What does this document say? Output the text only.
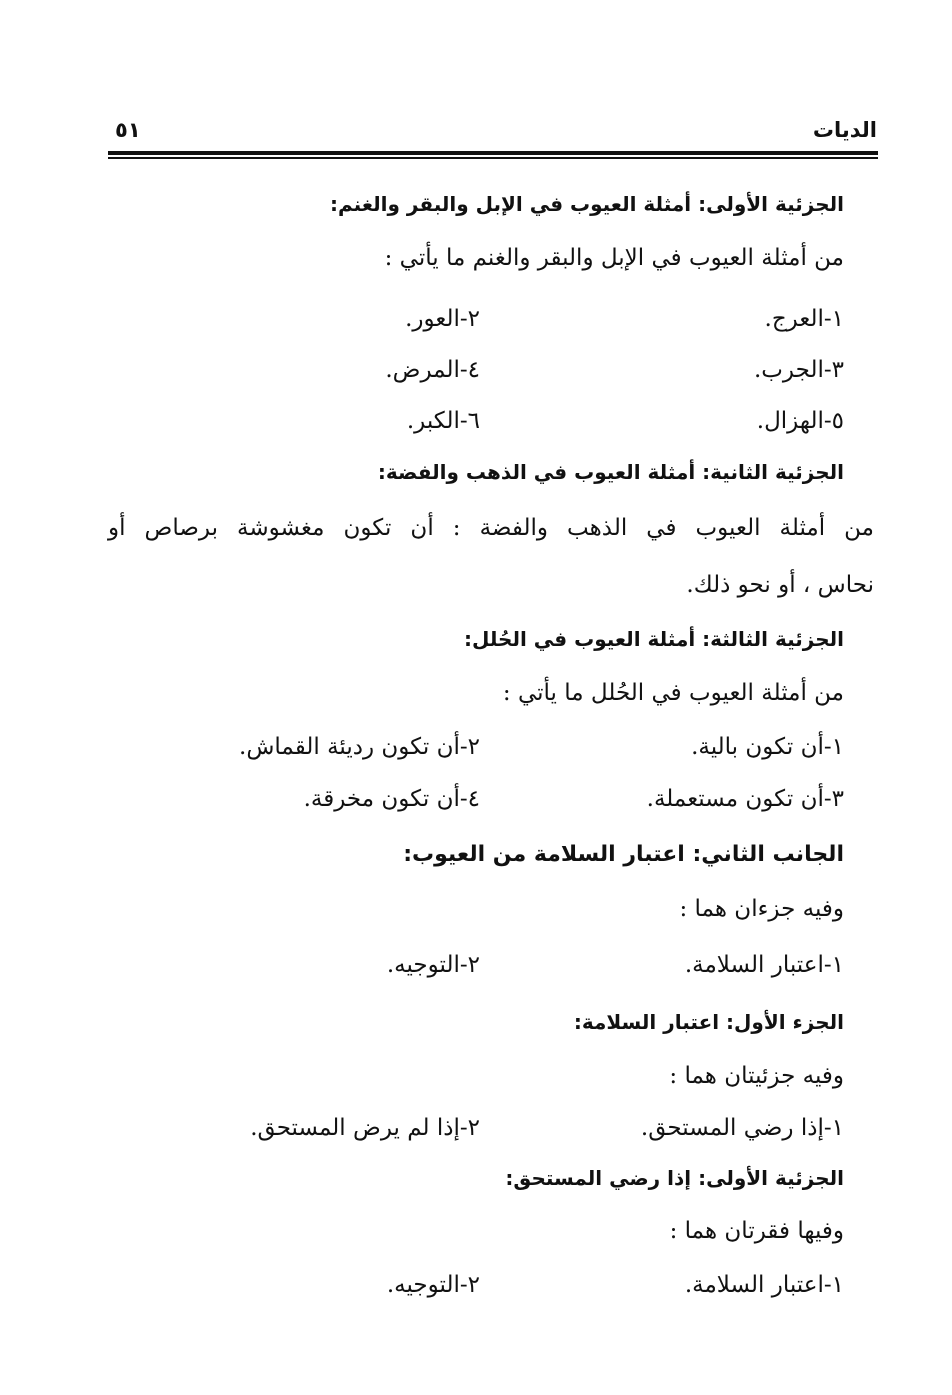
الديات
٥١
الجزئية الأولى: أمثلة العيوب في الإبل والبقر والغنم:
من أمثلة العيوب في الإبل والبقر والغنم ما يأتي :
١-العرج.
٢-العور.
٣-الجرب.
٤-المرض.
٥-الهزال.
٦-الكبر.
الجزئية الثانية: أمثلة العيوب في الذهب والفضة:
من أمثلة العيوب في الذهب والفضة : أن تكون مغشوشة برصاص أو
نحاس ، أو نحو ذلك.
الجزئية الثالثة: أمثلة العيوب في الحُلل:
من أمثلة العيوب في الحُلل ما يأتي :
١-أن تكون بالية.
٢-أن تكون رديئة القماش.
٣-أن تكون مستعملة.
٤-أن تكون مخرقة.
الجانب الثاني: اعتبار السلامة من العيوب:
وفيه جزءان هما :
١-اعتبار السلامة.
٢-التوجيه.
الجزء الأول: اعتبار السلامة:
وفيه جزئيتان هما :
١-إذا رضي المستحق.
٢-إذا لم يرض المستحق.
الجزئية الأولى: إذا رضي المستحق:
وفيها فقرتان هما :
١-اعتبار السلامة.
٢-التوجيه.
